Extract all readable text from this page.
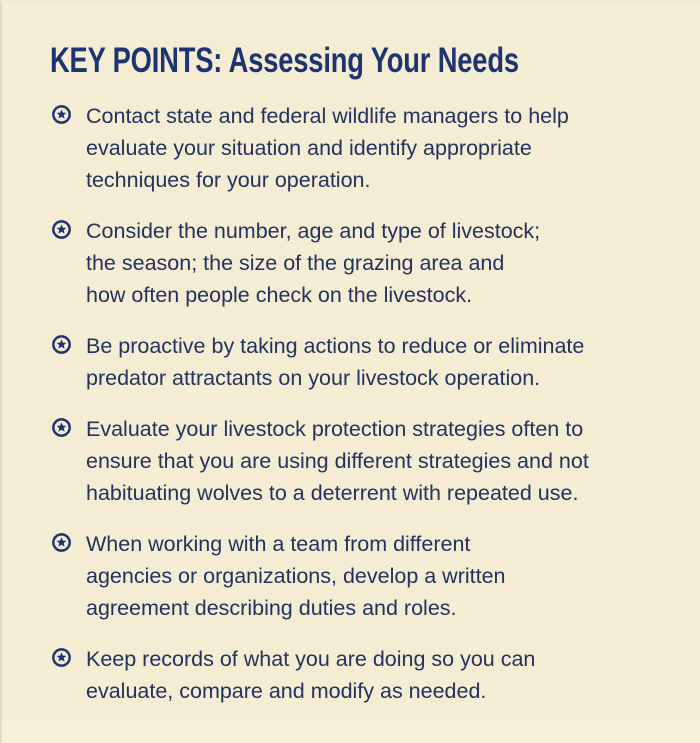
KEY POINTS: Assessing Your Needs
Contact state and federal wildlife managers to help
evaluate your situation and identify appropriate
techniques for your operation.
Consider the number, age and type of livestock;
the season; the size of the grazing area and
how often people check on the livestock.
Be proactive by taking actions to reduce or eliminate
predator attractants on your livestock operation.
Evaluate your livestock protection strategies often to
ensure that you are using different strategies and not
habituating wolves to a deterrent with repeated use.
When working with a team from different
agencies or organizations, develop a written
agreement describing duties and roles.
Keep records of what you are doing so you can
evaluate, compare and modify as needed.
